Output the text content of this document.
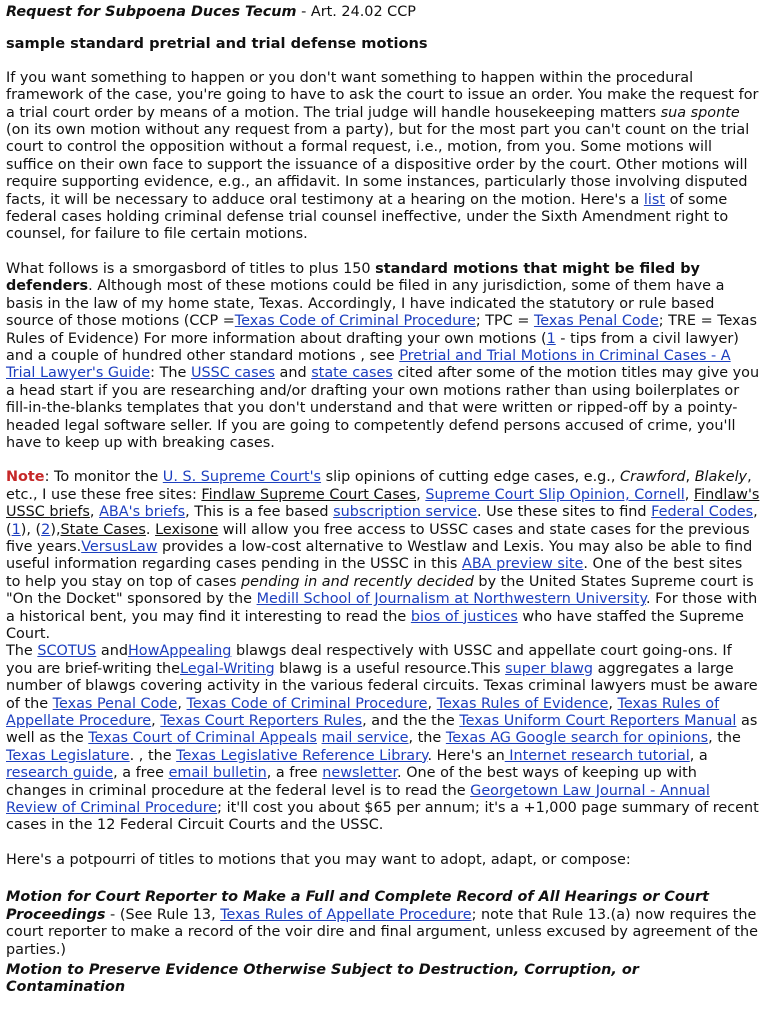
Request for Subpoena Duces Tecum - Art. 24.02 CCP

sample standard pretrial and trial defense motions

If you want something to happen or you don't want something to happen within the procedural framework of the case, you're going to have to ask the court to issue an order. You make the request for a trial court order by means of a motion. The trial judge will handle housekeeping matters sua sponte (on its own motion without any request from a party), but for the most part you can't count on the trial court to control the opposition without a formal request, i.e., motion, from you. Some motions will suffice on their own face to support the issuance of a dispositive order by the court. Other motions will require supporting evidence, e.g., an affidavit. In some instances, particularly those involving disputed facts, it will be necessary to adduce oral testimony at a hearing on the motion. Here's a list of some federal cases holding criminal defense trial counsel ineffective, under the Sixth Amendment right to counsel, for failure to file certain motions.

What follows is a smorgasbord of titles to plus 150 standard motions that might be filed by defenders. Although most of these motions could be filed in any jurisdiction, some of them have a basis in the law of my home state, Texas. Accordingly, I have indicated the statutory or rule based source of those motions (CCP =Texas Code of Criminal Procedure; TPC = Texas Penal Code; TRE = Texas Rules of Evidence) For more information about drafting your own motions (1 - tips from a civil lawyer) and a couple of hundred other standard motions , see Pretrial and Trial Motions in Criminal Cases - A Trial Lawyer's Guide: The USSC cases and state cases cited after some of the motion titles may give you a head start if you are researching and/or drafting your own motions rather than using boilerplates or fill-in-the-blanks templates that you don't understand and that were written or ripped-off by a pointy-headed legal software seller. If you are going to competently defend persons accused of crime, you'll have to keep up with breaking cases.

Note: To monitor the U. S. Supreme Court's slip opinions of cutting edge cases, e.g., Crawford, Blakely, etc., I use these free sites: Findlaw Supreme Court Cases, Supreme Court Slip Opinion, Cornell, Findlaw's USSC briefs, ABA's briefs, This is a fee based subscription service. Use these sites to find Federal Codes, (1), (2),State Cases. Lexisone will allow you free access to USSC cases and state cases for the previous five years.VersusLaw provides a low-cost alternative to Westlaw and Lexis. You may also be able to find useful information regarding cases pending in the USSC in this ABA preview site. One of the best sites to help you stay on top of cases pending in and recently decided by the United States Supreme court is "On the Docket" sponsored by the Medill School of Journalism at Northwestern University. For those with a historical bent, you may find it interesting to read the bios of justices who have staffed the Supreme Court.
The SCOTUS andHowAppealing blawgs deal respectively with USSC and appellate court going-ons. If you are brief-writing theLegal-Writing blawg is a useful resource.This super blawg aggregates a large number of blawgs covering activity in the various federal circuits. Texas criminal lawyers must be aware of the Texas Penal Code, Texas Code of Criminal Procedure, Texas Rules of Evidence, Texas Rules of Appellate Procedure, Texas Court Reporters Rules, and the the Texas Uniform Court Reporters Manual as well as the Texas Court of Criminal Appeals mail service, the Texas AG Google search for opinions, the Texas Legislature. , the Texas Legislative Reference Library. Here's an Internet research tutorial, a research guide, a free email bulletin, a free newsletter. One of the best ways of keeping up with changes in criminal procedure at the federal level is to read the Georgetown Law Journal - Annual Review of Criminal Procedure; it'll cost you about $65 per annum; it's a +1,000 page summary of recent cases in the 12 Federal Circuit Courts and the USSC.

Here's a potpourri of titles to motions that you may want to adopt, adapt, or compose:

Motion for Court Reporter to Make a Full and Complete Record of All Hearings or Court Proceedings - (See Rule 13, Texas Rules of Appellate Procedure; note that Rule 13.(a) now requires the court reporter to make a record of the voir dire and final argument, unless excused by agreement of the parties.)

Motion to Preserve Evidence Otherwise Subject to Destruction, Corruption, or Contamination
